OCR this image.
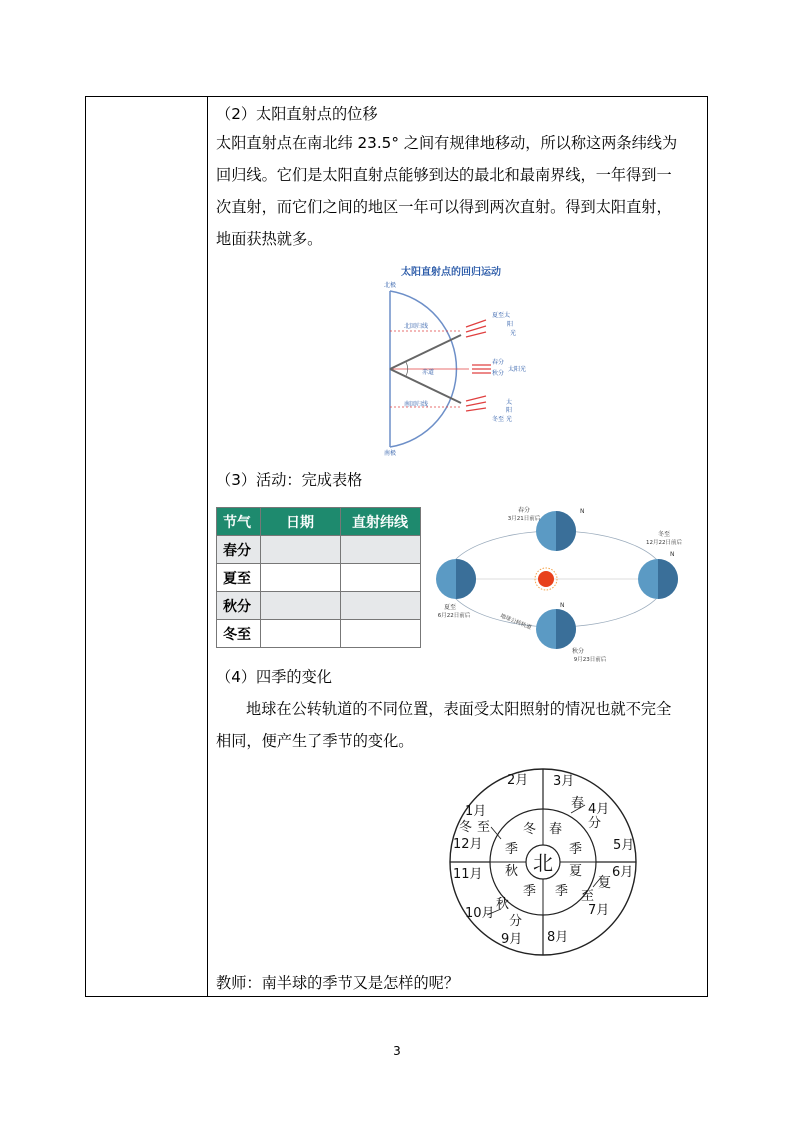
（2）太阳直射点的位移
太阳直射点在南北纬 23.5° 之间有规律地移动，所以称这两条纬线为
回归线。它们是太阳直射点能够到达的最北和最南界线，一年得到一
次直射，而它们之间的地区一年可以得到两次直射。得到太阳直射，
地面获热就多。
太阳直射点的回归运动
北极
南极
北回归线
赤道
南回归线
夏至 太
阳
光
春分
秋分
太阳光
太
阳
冬至 光
（3）活动：完成表格
节气	日期	直射纬线
春分		
夏至		
秋分		
冬至		
N
N
N
春分
3月21日前后
冬至
12月22日前后
夏至
6月22日前后
秋分
9月23日前后
地球公转轨道
（4）四季的变化
地球在公转轨道的不同位置，表面受太阳照射的情况也就不完全
相同，便产生了季节的变化。
北
1月
2月 3月
4月
5月
6月
7月
8月
9月
10月
11月
12月
春
分
夏
至
秋
分
冬 至	春
季
夏
季
秋
季
冬
季
教师：南半球的季节又是怎样的呢？
3
